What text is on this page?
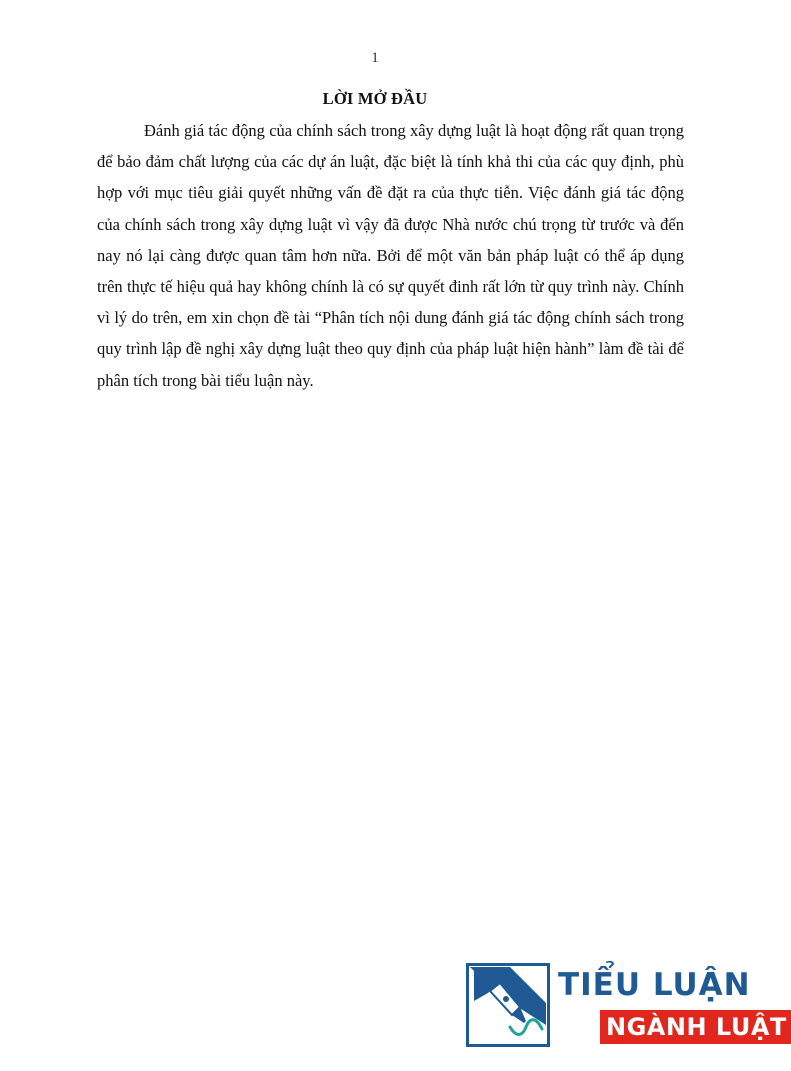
1
LỜI MỞ ĐẦU

Đánh giá tác động của chính sách trong xây dựng luật là hoạt động rất quan trọng để bảo đảm chất lượng của các dự án luật, đặc biệt là tính khả thi của các quy định, phù hợp với mục tiêu giải quyết những vấn đề đặt ra của thực tiễn. Việc đánh giá tác động của chính sách trong xây dựng luật vì vậy đã được Nhà nước chú trọng từ trước và đến nay nó lại càng được quan tâm hơn nữa. Bởi để một văn bản pháp luật có thể áp dụng trên thực tế hiệu quả hay không chính là có sự quyết đinh rất lớn từ quy trình này. Chính vì lý do trên, em xin chọn đề tài “Phân tích nội dung đánh giá tác động chính sách trong quy trình lập đề nghị xây dựng luật theo quy định của pháp luật hiện hành” làm đề tài để phân tích trong bài tiểu luận này.

TIỂU LUẬN
NGÀNH LUẬT
